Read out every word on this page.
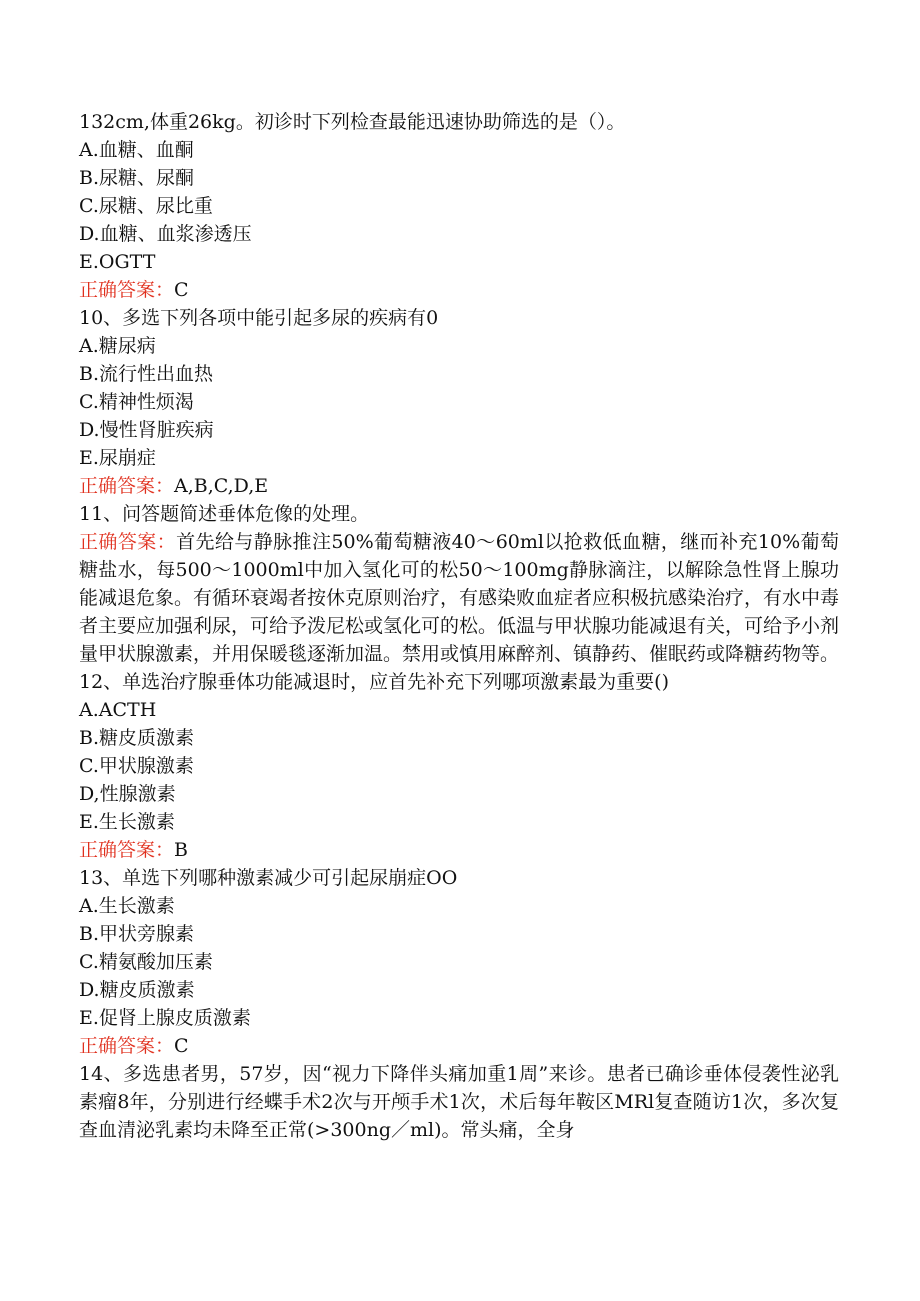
132cm,体重26kg。初诊时下列检查最能迅速协助筛选的是（）。
A.血糖、血酮
B.尿糖、尿酮
C.尿糖、尿比重
D.血糖、血浆渗透压
E.OGTT
正确答案：C
10、多选下列各项中能引起多尿的疾病有0
A.糖尿病
B.流行性出血热
C.精神性烦渴
D.慢性肾脏疾病
E.尿崩症
正确答案：A,B,C,D,E
11、问答题简述垂体危像的处理。
正确答案：首先给与静脉推注50%葡萄糖液40～60ml以抢救低血糖，继而补充10%葡萄糖盐水，每500～1000ml中加入氢化可的松50～100mg静脉滴注，以解除急性肾上腺功能减退危象。有循环衰竭者按休克原则治疗，有感染败血症者应积极抗感染治疗，有水中毒者主要应加强利尿，可给予泼尼松或氢化可的松。低温与甲状腺功能减退有关，可给予小剂量甲状腺激素，并用保暖毯逐渐加温。禁用或慎用麻醉剂、镇静药、催眠药或降糖药物等。
12、单选治疗腺垂体功能减退时，应首先补充下列哪项激素最为重要()
A.ACTH
B.糖皮质激素
C.甲状腺激素
D,性腺激素
E.生长激素
正确答案：B
13、单选下列哪种激素减少可引起尿崩症OO
A.生长激素
B.甲状旁腺素
C.精氨酸加压素
D.糖皮质激素
E.促肾上腺皮质激素
正确答案：C
14、多选患者男，57岁，因“视力下降伴头痛加重1周”来诊。患者已确诊垂体侵袭性泌乳素瘤8年，分别进行经蝶手术2次与开颅手术1次，术后每年鞍区MRl复查随访1次，多次复查血清泌乳素均未降至正常(>300ng／ml)。常头痛，全身
